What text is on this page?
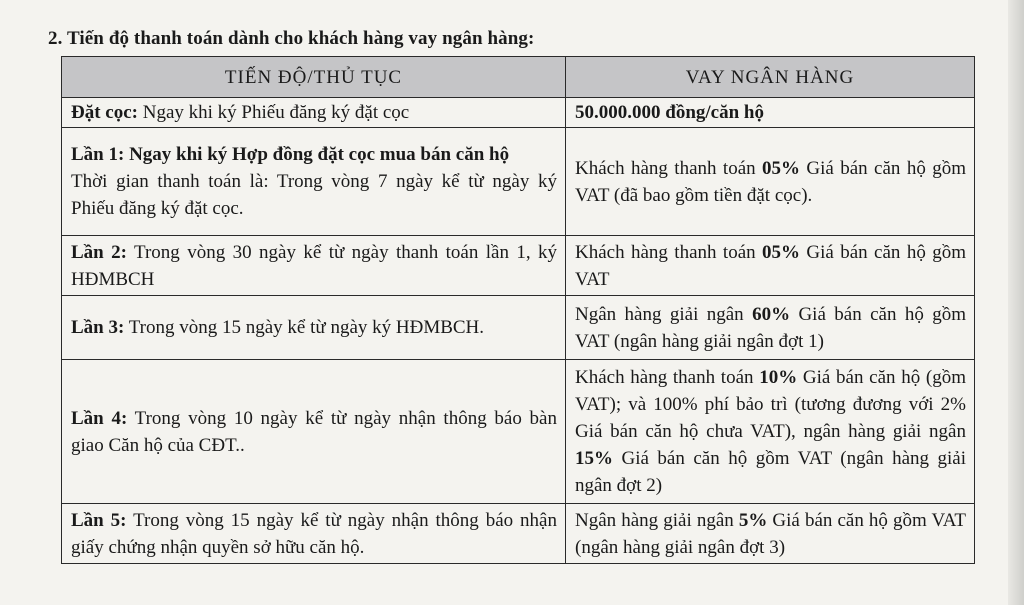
2. Tiến độ thanh toán dành cho khách hàng vay ngân hàng:
TIẾN ĐỘ/THỦ TỤC	VAY NGÂN HÀNG
Đặt cọc: Ngay khi ký Phiếu đăng ký đặt cọc	50.000.000 đồng/căn hộ

Lần 1: Ngay khi ký Hợp đồng đặt cọc mua bán căn hộ
Thời gian thanh toán là: Trong vòng 7 ngày kể từ ngày ký Phiếu đăng ký đặt cọc.	Khách hàng thanh toán 05% Giá bán căn hộ gồm VAT (đã bao gồm tiền đặt cọc).
Lần 2: Trong vòng 30 ngày kể từ ngày thanh toán lần 1, ký HĐMBCH	Khách hàng thanh toán 05% Giá bán căn hộ gồm VAT
Lần 3: Trong vòng 15 ngày kể từ ngày ký HĐMBCH.	Ngân hàng giải ngân 60% Giá bán căn hộ gồm VAT (ngân hàng giải ngân đợt 1)
Lần 4: Trong vòng 10 ngày kể từ ngày nhận thông báo bàn giao Căn hộ của CĐT..	Khách hàng thanh toán 10% Giá bán căn hộ (gồm VAT); và 100% phí bảo trì (tương đương với 2% Giá bán căn hộ chưa VAT), ngân hàng giải ngân 15% Giá bán căn hộ gồm VAT (ngân hàng giải ngân đợt 2)
Lần 5: Trong vòng 15 ngày kể từ ngày nhận thông báo nhận giấy chứng nhận quyền sở hữu căn hộ.	Ngân hàng giải ngân 5% Giá bán căn hộ gồm VAT (ngân hàng giải ngân đợt 3)
